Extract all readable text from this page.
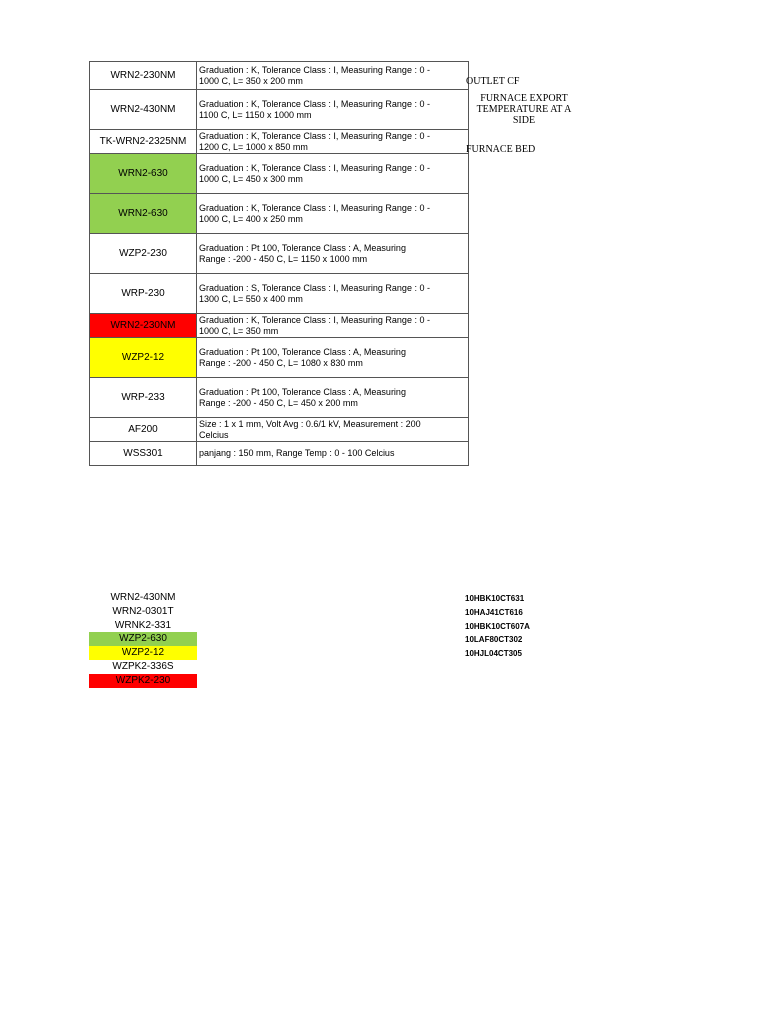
WRN2-230NM	Graduation : K, Tolerance Class : I, Measuring Range : 0 -
1000 C, L= 350 x 200 mm
WRN2-430NM	Graduation : K, Tolerance Class : I, Measuring Range : 0 -
1100 C, L= 1150 x 1000 mm
TK-WRN2-2325NM	Graduation : K, Tolerance Class : I, Measuring Range : 0 -
1200 C, L= 1000 x 850 mm
WRN2-630	Graduation : K, Tolerance Class : I, Measuring Range : 0 -
1000 C, L= 450 x 300 mm
WRN2-630	Graduation : K, Tolerance Class : I, Measuring Range : 0 -
1000 C, L= 400 x 250 mm
WZP2-230	Graduation : Pt 100, Tolerance Class : A, Measuring
Range : -200 - 450 C, L= 1150 x 1000 mm
WRP-230	Graduation : S, Tolerance Class : I, Measuring Range : 0 -
1300 C, L= 550 x 400 mm
WRN2-230NM	Graduation : K, Tolerance Class : I, Measuring Range : 0 -
1000 C, L= 350 mm
WZP2-12	Graduation : Pt 100, Tolerance Class : A, Measuring
Range : -200 - 450 C, L= 1080 x 830 mm
WRP-233	Graduation : Pt 100, Tolerance Class : A, Measuring
Range : -200 - 450 C, L= 450 x 200 mm
AF200	Size : 1 x 1 mm, Volt Avg : 0.6/1 kV, Measurement : 200
Celcius
WSS301	panjang : 150 mm, Range Temp : 0 - 100 Celcius
OUTLET CF
FURNACE EXPORT TEMPERATURE AT A SIDE
FURNACE BED
WRN2-430NM
WRN2-0301T
WRNK2-331
WZP2-630
WZP2-12
WZPK2-336S
WZPK2-230
10HBK10CT631
10HAJ41CT616
10HBK10CT607A
10LAF80CT302
10HJL04CT305
